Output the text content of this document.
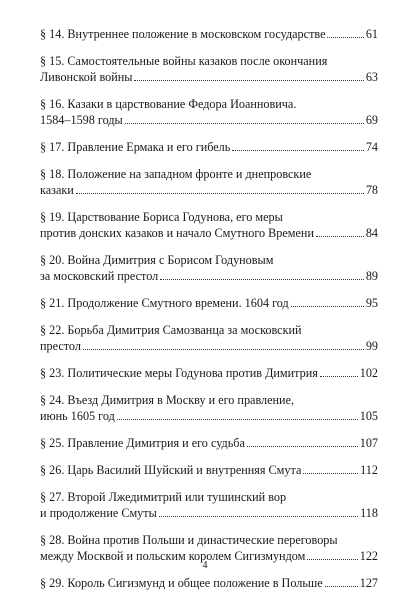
§ 14. Внутреннее положение в московском государстве	61
§ 15. Самостоятельные войны казаков после окончания
Ливонской войны	63
§ 16. Казаки в царствование Федора Иоанновича.
1584–1598 годы	69
§ 17. Правление Ермака и его гибель	74
§ 18. Положение на западном фронте и днепровские
казаки	78
§ 19. Царствование Бориса Годунова, его меры
против донских казаков и начало Смутного Времени	84
§ 20. Война Димитрия с Борисом Годуновым
за московский престол	89
§ 21. Продолжение Смутного времени. 1604 год	95
§ 22. Борьба Димитрия Самозванца за московский
престол	99
§ 23. Политические меры Годунова против Димитрия	102
§ 24. Въезд Димитрия в Москву и его правление,
июнь 1605 год	105
§ 25. Правление Димитрия и его судьба	107
§ 26. Царь Василий Шуйский и внутренняя Смута	112
§ 27. Второй Лжедимитрий или тушинский вор
и продолжение Смуты	118
§ 28. Война против Польши и династические переговоры
между Москвой и польским королем Сигизмундом	122
§ 29. Король Сигизмунд и общее положение в Польше	127
4
